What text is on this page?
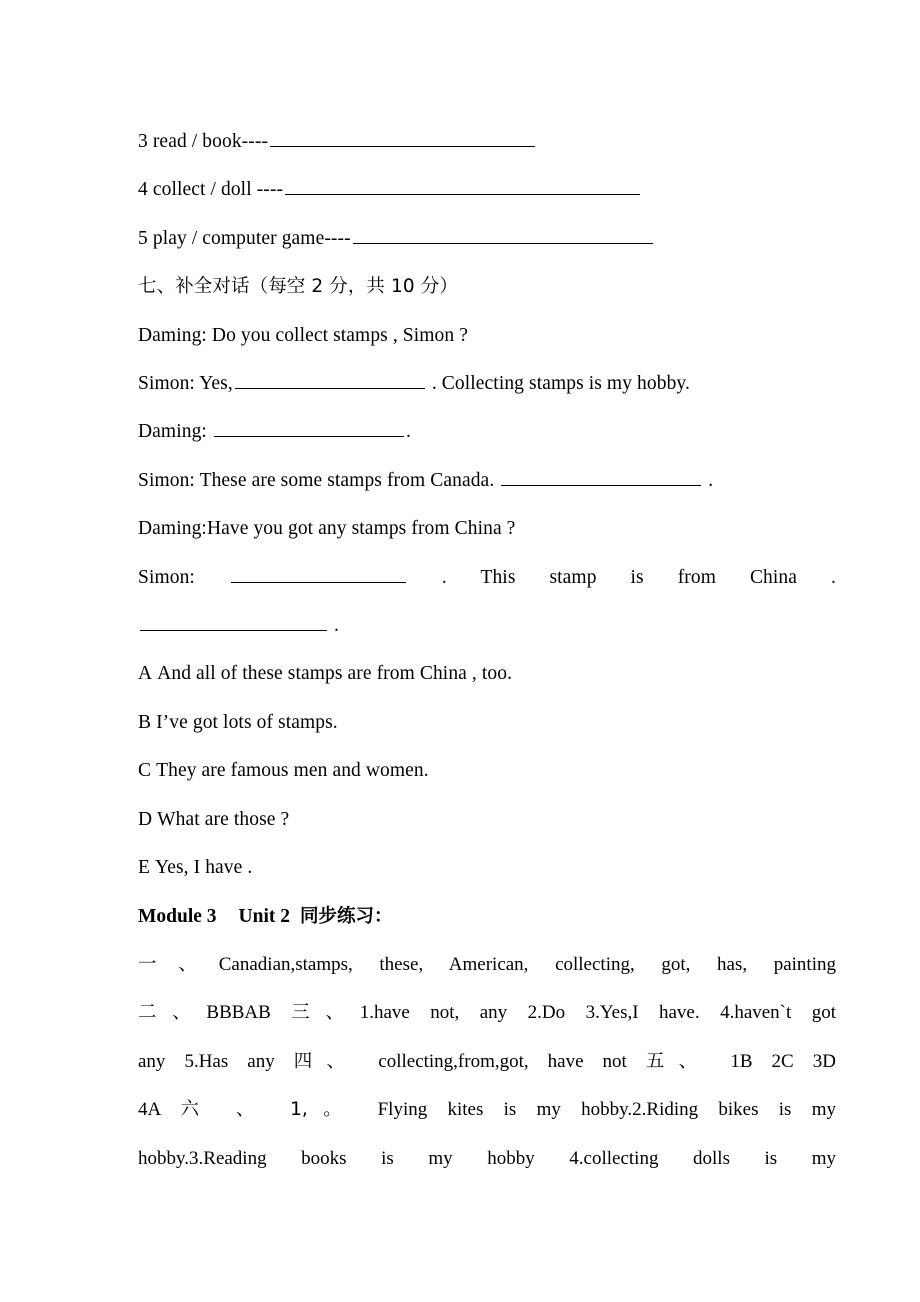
3 read / book----
4 collect / doll ----
5 play / computer game----
七、补全对话（每空 2 分，共 10 分）
Daming: Do you collect stamps , Simon ?
Simon: Yes,	. Collecting stamps is my hobby.
Daming:	.
Simon: These are some stamps from Canada.	.
Daming:Have you got any stamps from China ?
Simon:	. This stamp is from China .
.
A And all of these stamps are from China , too.
B I’ve got lots of stamps.
C They are famous men and women.
D What are those ?
E Yes, I have .
Module 3 Unit 2 同步练习：
一、Canadian,stamps, these, American, collecting, got, has, painting
二、BBBAB 三、1.have not, any 2.Do 3.Yes,I have. 4.haven`t got
any 5.Has any 四、 collecting,from,got, have not 五、 1B 2C 3D
4A 六 、 1,。 Flying kites is my hobby.2.Riding bikes is my
hobby.3.Reading books is my hobby 4.collecting dolls is my
